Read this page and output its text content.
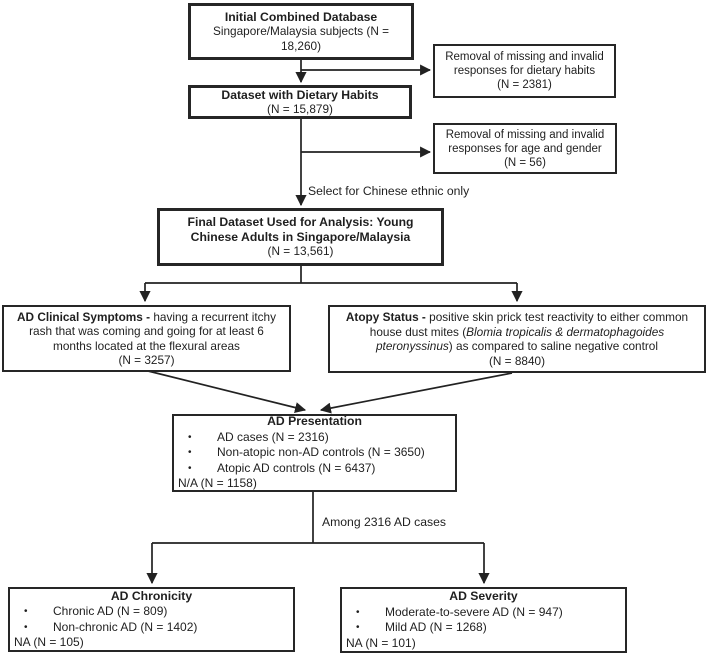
Initial Combined Database
Singapore/Malaysia subjects (N = 18,260)
Removal of missing and invalid responses for dietary habits
(N = 2381)
Dataset with Dietary Habits
(N = 15,879)
Removal of missing and invalid responses for age and gender
(N = 56)
Select for Chinese ethnic only
Final Dataset Used for Analysis: Young Chinese Adults in Singapore/Malaysia
(N = 13,561)
AD Clinical Symptoms - having a recurrent itchy rash that was coming and going for at least 6 months located at the flexural areas
(N = 3257)
Atopy Status - positive skin prick test reactivity to either common house dust mites (Blomia tropicalis & dermatophagoides pteronyssinus) as compared to saline negative control
(N = 8840)
AD Presentation
•	AD cases (N = 2316)
•	Non-atopic non-AD controls (N = 3650)
•	Atopic AD controls (N = 6437)
N/A (N = 1158)
Among 2316 AD cases
AD Chronicity
•	Chronic AD (N = 809)
•	Non-chronic AD (N = 1402)
NA (N = 105)
AD Severity
•	Moderate-to-severe AD (N = 947)
•	Mild AD (N = 1268)
NA (N = 101)
